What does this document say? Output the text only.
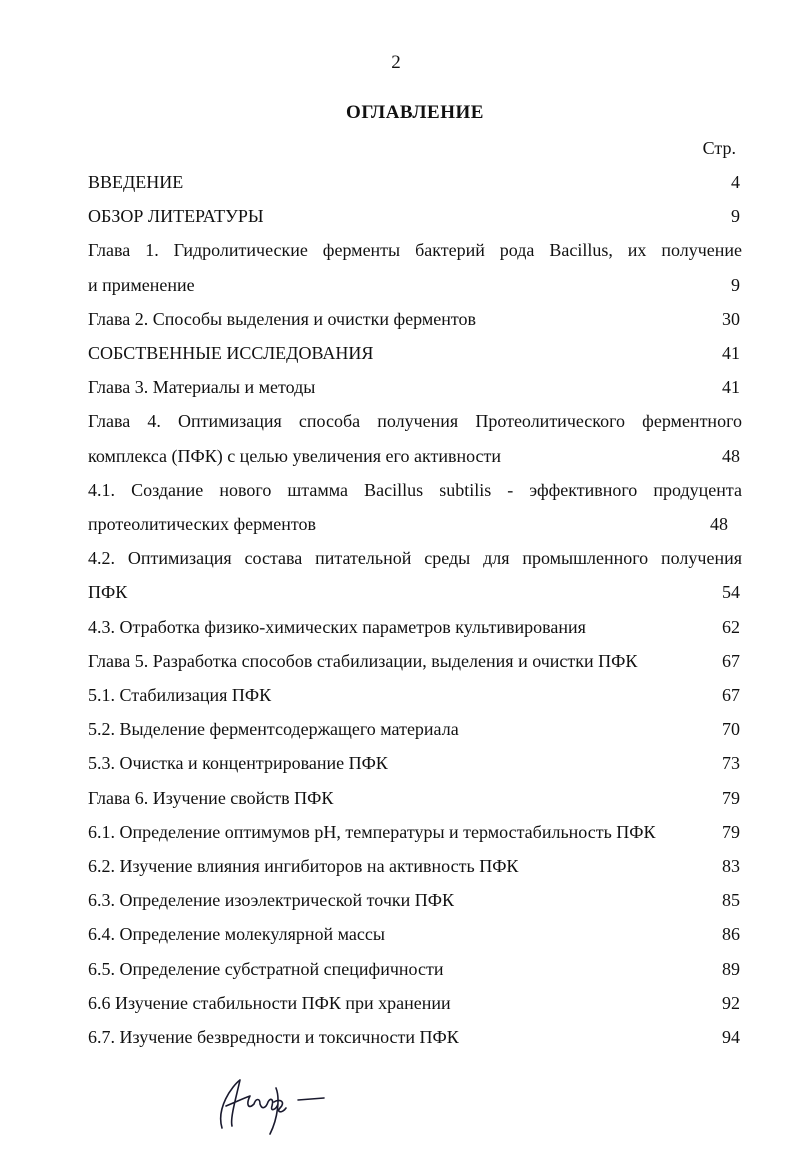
2
ОГЛАВЛЕНИЕ
Стр.
ВВЕДЕНИЕ	4
ОБЗОР ЛИТЕРАТУРЫ	9
Глава 1. Гидролитические ферменты бактерий рода Bacillus, их получение
и применение	9
Глава 2. Способы выделения и очистки ферментов	30
СОБСТВЕННЫЕ ИССЛЕДОВАНИЯ	41
Глава 3. Материалы и методы	41
Глава 4. Оптимизация способа получения Протеолитического ферментного
комплекса (ПФК) с целью увеличения его активности	48
4.1. Создание нового штамма Bacillus subtilis - эффективного продуцента
протеолитических ферментов	48
4.2. Оптимизация состава питательной среды для промышленного получения
ПФК	54
4.3. Отработка физико-химических параметров культивирования	62
Глава 5. Разработка способов стабилизации, выделения и очистки ПФК	67
5.1. Стабилизация ПФК	67
5.2. Выделение ферментсодержащего материала	70
5.3. Очистка и концентрирование ПФК	73
Глава 6. Изучение свойств ПФК	79
6.1. Определение оптимумов pH, температуры и термостабильность ПФК	79
6.2. Изучение влияния ингибиторов на активность ПФК	83
6.3. Определение изоэлектрической точки ПФК	85
6.4. Определение молекулярной массы	86
6.5. Определение субстратной специфичности	89
6.6 Изучение стабильности ПФК при хранении	92
6.7. Изучение безвредности и токсичности ПФК	94
